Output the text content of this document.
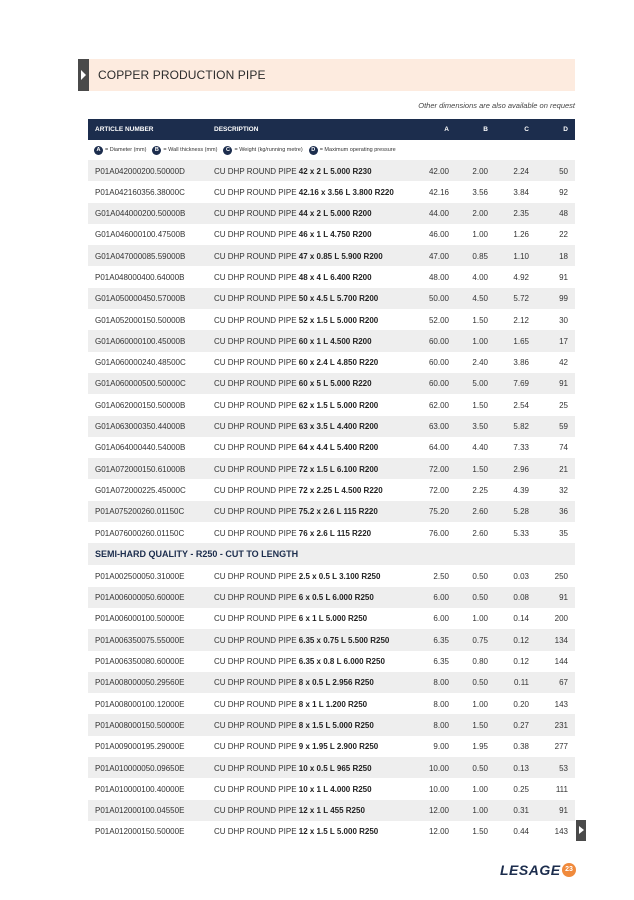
COPPER PRODUCTION PIPE
Other dimensions are also available on request
ARTICLE NUMBER	DESCRIPTION	A	B	C	D
A = Diameter (mm)	B = Wall thickness (mm)	C = Weight (kg/running metre)	D = Maximum operating pressure
P01A042000200.50000D	CU DHP ROUND PIPE 42 x 2 L 5.000 R230	42.00	2.00	2.24	50
P01A042160356.38000C	CU DHP ROUND PIPE 42.16 x 3.56 L 3.800 R220	42.16	3.56	3.84	92
G01A044000200.50000B	CU DHP ROUND PIPE 44 x 2 L 5.000 R200	44.00	2.00	2.35	48
G01A046000100.47500B	CU DHP ROUND PIPE 46 x 1 L 4.750 R200	46.00	1.00	1.26	22
G01A047000085.59000B	CU DHP ROUND PIPE 47 x 0.85 L 5.900 R200	47.00	0.85	1.10	18
P01A048000400.64000B	CU DHP ROUND PIPE 48 x 4 L 6.400 R200	48.00	4.00	4.92	91
G01A050000450.57000B	CU DHP ROUND PIPE 50 x 4.5 L 5.700 R200	50.00	4.50	5.72	99
G01A052000150.50000B	CU DHP ROUND PIPE 52 x 1.5 L 5.000 R200	52.00	1.50	2.12	30
G01A060000100.45000B	CU DHP ROUND PIPE 60 x 1 L 4.500 R200	60.00	1.00	1.65	17
G01A060000240.48500C	CU DHP ROUND PIPE 60 x 2.4 L 4.850 R220	60.00	2.40	3.86	42
G01A060000500.50000C	CU DHP ROUND PIPE 60 x 5 L 5.000 R220	60.00	5.00	7.69	91
G01A062000150.50000B	CU DHP ROUND PIPE 62 x 1.5 L 5.000 R200	62.00	1.50	2.54	25
G01A063000350.44000B	CU DHP ROUND PIPE 63 x 3.5 L 4.400 R200	63.00	3.50	5.82	59
G01A064000440.54000B	CU DHP ROUND PIPE 64 x 4.4 L 5.400 R200	64.00	4.40	7.33	74
G01A072000150.61000B	CU DHP ROUND PIPE 72 x 1.5 L 6.100 R200	72.00	1.50	2.96	21
G01A072000225.45000C	CU DHP ROUND PIPE 72 x 2.25 L 4.500 R220	72.00	2.25	4.39	32
P01A075200260.01150C	CU DHP ROUND PIPE 75.2 x 2.6 L 115 R220	75.20	2.60	5.28	36
P01A076000260.01150C	CU DHP ROUND PIPE 76 x 2.6 L 115 R220	76.00	2.60	5.33	35
SEMI-HARD QUALITY - R250 - CUT TO LENGTH
P01A002500050.31000E	CU DHP ROUND PIPE 2.5 x 0.5 L 3.100 R250	2.50	0.50	0.03	250
P01A006000050.60000E	CU DHP ROUND PIPE 6 x 0.5 L 6.000 R250	6.00	0.50	0.08	91
P01A006000100.50000E	CU DHP ROUND PIPE 6 x 1 L 5.000 R250	6.00	1.00	0.14	200
P01A006350075.55000E	CU DHP ROUND PIPE 6.35 x 0.75 L 5.500 R250	6.35	0.75	0.12	134
P01A006350080.60000E	CU DHP ROUND PIPE 6.35 x 0.8 L 6.000 R250	6.35	0.80	0.12	144
P01A008000050.29560E	CU DHP ROUND PIPE 8 x 0.5 L 2.956 R250	8.00	0.50	0.11	67
P01A008000100.12000E	CU DHP ROUND PIPE 8 x 1 L 1.200 R250	8.00	1.00	0.20	143
P01A008000150.50000E	CU DHP ROUND PIPE 8 x 1.5 L 5.000 R250	8.00	1.50	0.27	231
P01A009000195.29000E	CU DHP ROUND PIPE 9 x 1.95 L 2.900 R250	9.00	1.95	0.38	277
P01A010000050.09650E	CU DHP ROUND PIPE 10 x 0.5 L 965 R250	10.00	0.50	0.13	53
P01A010000100.40000E	CU DHP ROUND PIPE 10 x 1 L 4.000 R250	10.00	1.00	0.25	111
P01A012000100.04550E	CU DHP ROUND PIPE 12 x 1 L 455 R250	12.00	1.00	0.31	91
P01A012000150.50000E	CU DHP ROUND PIPE 12 x 1.5 L 5.000 R250	12.00	1.50	0.44	143
LESAGE 23
